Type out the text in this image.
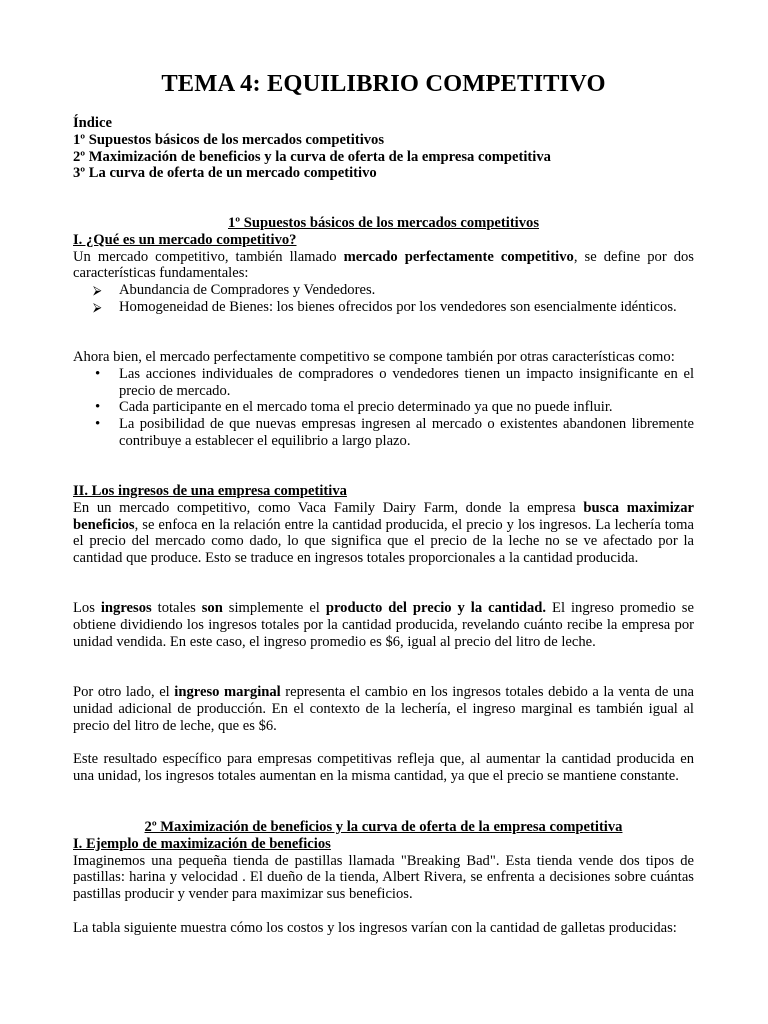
TEMA 4: EQUILIBRIO COMPETITIVO

Índice

1º Supuestos básicos de los mercados competitivos

2º Maximización de beneficios y la curva de oferta de la empresa competitiva

3º La curva de oferta de un mercado competitivo

1º Supuestos básicos de los mercados competitivos

I. ¿Qué es un mercado competitivo?

Un mercado competitivo, también llamado mercado perfectamente competitivo, se define por dos características fundamentales:

⮚	Abundancia de Compradores y Vendedores.
⮚	Homogeneidad de Bienes: los bienes ofrecidos por los vendedores son esencialmente idénticos.

Ahora bien, el mercado perfectamente competitivo se compone también por otras características como:

•	Las acciones individuales de compradores o vendedores tienen un impacto insignificante en el precio de mercado.
•	Cada participante en el mercado toma el precio determinado ya que no puede influir.
•	La posibilidad de que nuevas empresas ingresen al mercado o existentes abandonen libremente contribuye a establecer el equilibrio a largo plazo.

II. Los ingresos de una empresa competitiva

En un mercado competitivo, como Vaca Family Dairy Farm, donde la empresa busca maximizar beneficios, se enfoca en la relación entre la cantidad producida, el precio y los ingresos. La lechería toma el precio del mercado como dado, lo que significa que el precio de la leche no se ve afectado por la cantidad que produce. Esto se traduce en ingresos totales proporcionales a la cantidad producida.

Los ingresos totales son simplemente el producto del precio y la cantidad. El ingreso promedio se obtiene dividiendo los ingresos totales por la cantidad producida, revelando cuánto recibe la empresa por unidad vendida. En este caso, el ingreso promedio es $6, igual al precio del litro de leche.

Por otro lado, el ingreso marginal representa el cambio en los ingresos totales debido a la venta de una unidad adicional de producción. En el contexto de la lechería, el ingreso marginal es también igual al precio del litro de leche, que es $6.

Este resultado específico para empresas competitivas refleja que, al aumentar la cantidad producida en una unidad, los ingresos totales aumentan en la misma cantidad, ya que el precio se mantiene constante.

2º Maximización de beneficios y la curva de oferta de la empresa competitiva

I. Ejemplo de maximización de beneficios

Imaginemos una pequeña tienda de pastillas llamada "Breaking Bad". Esta tienda vende dos tipos de pastillas: harina y velocidad . El dueño de la tienda, Albert Rivera, se enfrenta a decisiones sobre cuántas pastillas producir y vender para maximizar sus beneficios.

La tabla siguiente muestra cómo los costos y los ingresos varían con la cantidad de galletas producidas:
